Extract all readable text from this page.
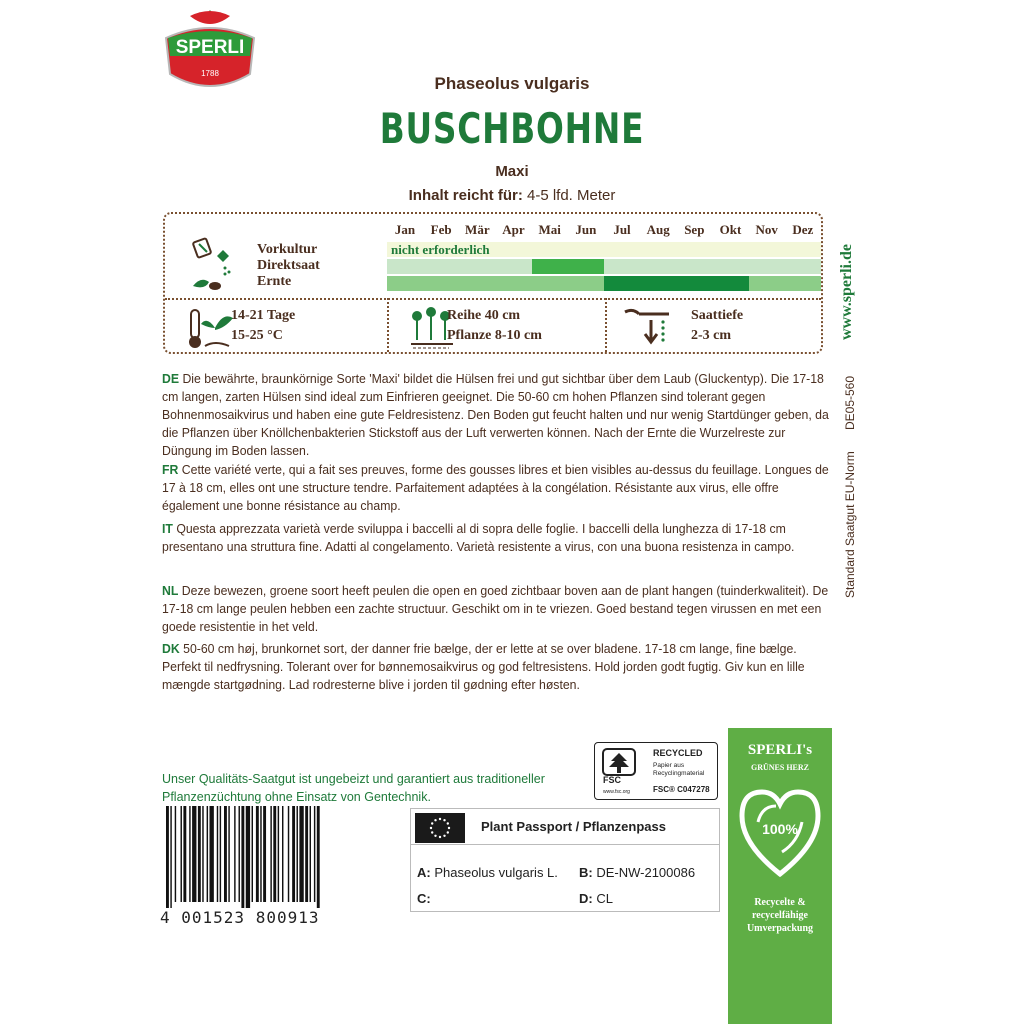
SPERLI
1788
Phaseolus vulgaris
BUSCHBOHNE
Maxi
Inhalt reicht für: 4-5 lfd. Meter
Jan	Feb	Mär Apr	Mai	Jun	Jul	Aug	Sep	Okt	Nov	Dez
Vorkultur
Direktsaat
Ernte
nicht erforderlich
14-21 Tage
15-25 °C
Reihe 40 cm
Pflanze 8-10 cm
Saattiefe
2-3 cm	www.sperli.de
DE05-560
Standard Saatgut EU-Norm

DE Die bewährte, braunkörnige Sorte 'Maxi' bildet die Hülsen frei und gut sichtbar über dem Laub (Gluckentyp). Die 17-18 cm langen, zarten Hülsen sind ideal zum Einfrieren geeignet. Die 50-60 cm hohen Pflanzen sind tolerant gegen Bohnenmosaikvirus und haben eine gute Feldresistenz. Den Boden gut feucht halten und nur wenig Startdünger geben, da die Pflanzen über Knöllchenbakterien Stickstoff aus der Luft verwerten können. Nach der Ernte die Wurzelreste zur Düngung im Boden lassen.

FR Cette variété verte, qui a fait ses preuves, forme des gousses libres et bien visibles au-dessus du feuillage. Longues de 17 à 18 cm, elles ont une structure tendre. Parfaitement adaptées à la congélation. Résistante aux virus, elle offre également une bonne résistance au champ.

IT Questa apprezzata varietà verde sviluppa i baccelli al di sopra delle foglie. I baccelli della lunghezza di 17-18 cm presentano una struttura fine. Adatti al congelamento. Varietà resistente a virus, con una buona resistenza in campo.

NL Deze bewezen, groene soort heeft peulen die open en goed zichtbaar boven aan de plant hangen (tuinderkwaliteit). De 17-18 cm lange peulen hebben een zachte structuur. Geschikt om in te vriezen. Goed bestand tegen virussen en met een goede resistentie in het veld.

DK 50-60 cm høj, brunkornet sort, der danner frie bælge, der er lette at se over bladene. 17-18 cm lange, fine bælge. Perfekt til nedfrysning. Tolerant over for bønnemosaikvirus og god feltresistens. Hold jorden godt fugtig. Giv kun en lille mængde startgødning. Lad rodresterne blive i jorden til gødning efter høsten.

Unser Qualitäts-Saatgut ist ungebeizt und garantiert aus traditioneller Pflanzenzüchtung ohne Einsatz von Gentechnik.
4 001523 800913
FSC
www.fsc.org
RECYCLED
Papier aus Recyclingmaterial
FSC® C047278
Plant Passport / Pflanzenpass
A: Phaseolus vulgaris L. B: DE-NW-2100086
C:	D: CL
SPERLI's
GRÜNES HERZ
100%
Recycelte &
recycelfähige
Umverpackung
